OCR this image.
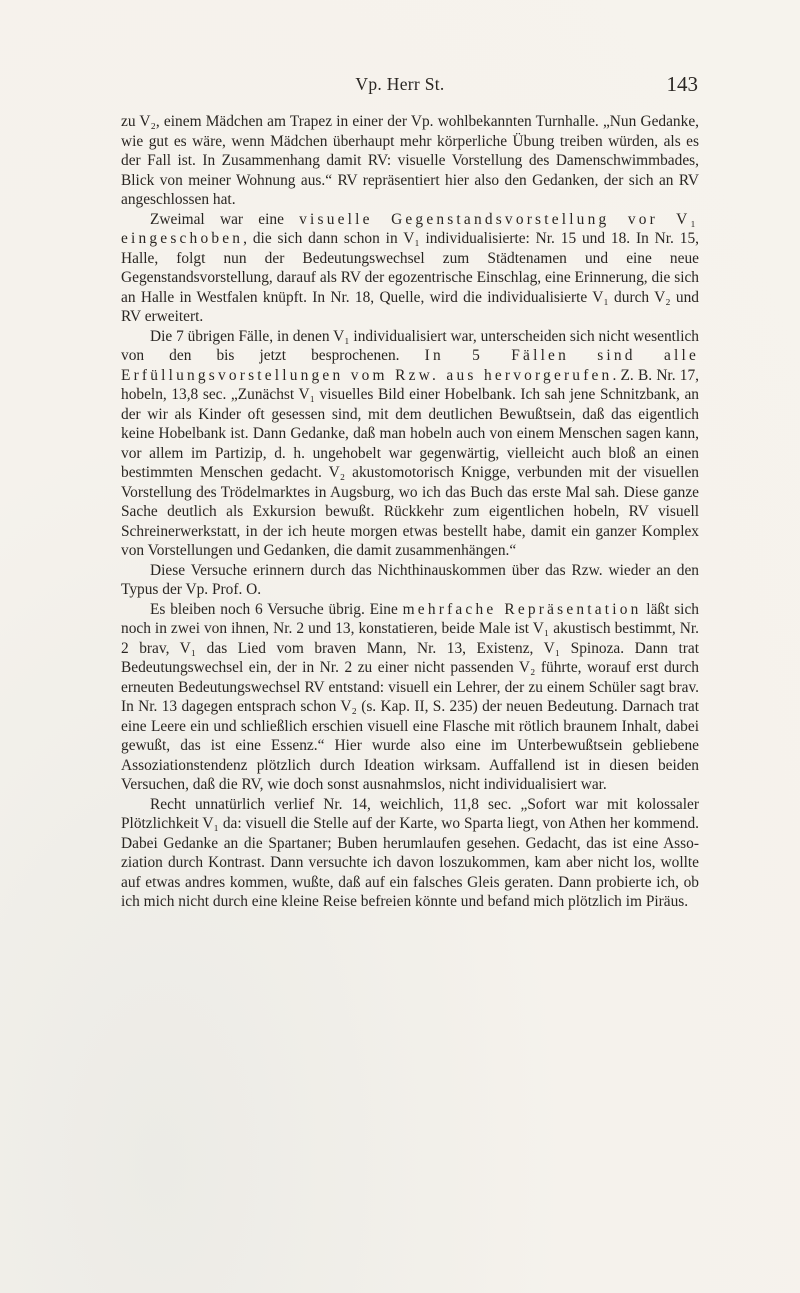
Vp. Herr St.	143

zu V₂, einem Mädchen am Trapez in einer der Vp. wohlbekannten Turnhalle. „Nun Gedanke, wie gut es wäre, wenn Mädchen überhaupt mehr körperliche Übung treiben würden, als es der Fall ist. In Zusammenhang damit RV: visuelle Vorstellung des Damenschwimmbades, Blick von meiner Wohnung aus.“ RV repräsentiert hier also den Gedanken, der sich an RV angeschlossen hat.

Zweimal war eine visuelle Gegenstandsvorstellung vor V₁ eingeschoben, die sich dann schon in V₁ individualisierte: Nr. 15 und 18. In Nr. 15, Halle, folgt nun der Bedeutungswechsel zum Städtenamen und eine neue Gegenstandsvorstellung, darauf als RV der egozentrische Einschlag, eine Erinnerung, die sich an Halle in Westfalen knüpft. In Nr. 18, Quelle, wird die individualisierte V₁ durch V₂ und RV erweitert.

Die 7 übrigen Fälle, in denen V₁ individualisiert war, unterscheiden sich nicht wesentlich von den bis jetzt besprochenen. In 5 Fällen sind alle Erfüllungsvorstellungen vom Rzw. aus hervorgerufen. Z. B. Nr. 17, hobeln, 13,8 sec. „Zunächst V₁ visuelles Bild einer Hobelbank. Ich sah jene Schnitzbank, an der wir als Kinder oft gesessen sind, mit dem deutlichen Bewußtsein, daß das eigentlich keine Hobelbank ist. Dann Gedanke, daß man hobeln auch von einem Menschen sagen kann, vor allem im Partizip, d. h. ungehobelt war gegenwärtig, vielleicht auch bloß an einen bestimmten Menschen gedacht. V₂ akustomotorisch Knigge, verbunden mit der visuellen Vorstellung des Trödelmarktes in Augsburg, wo ich das Buch das erste Mal sah. Diese ganze Sache deutlich als Exkursion bewußt. Rückkehr zum eigentlichen hobeln, RV visuell Schreinerwerkstatt, in der ich heute morgen etwas bestellt habe, damit ein ganzer Komplex von Vorstellungen und Gedanken, die damit zusammenhängen.“

Diese Versuche erinnern durch das Nichthinauskommen über das Rzw. wieder an den Typus der Vp. Prof. O.

Es bleiben noch 6 Versuche übrig. Eine mehrfache Repräsentation läßt sich noch in zwei von ihnen, Nr. 2 und 13, konstatieren, beide Male ist V₁ akustisch bestimmt, Nr. 2 brav, V₁ das Lied vom braven Mann, Nr. 13, Existenz, V₁ Spinoza. Dann trat Bedeutungswechsel ein, der in Nr. 2 zu einer nicht passenden V₂ führte, worauf erst durch erneuten Bedeutungswechsel RV entstand: visuell ein Lehrer, der zu einem Schüler sagt brav. In Nr. 13 dagegen entsprach schon V₂ (s. Kap. II, S. 235) der neuen Bedeutung. Darnach trat eine Leere ein und schließlich erschien visuell eine Flasche mit rötlich braunem Inhalt, dabei gewußt, das ist eine Essenz.“ Hier wurde also eine im Unterbewußtsein gebliebene Assoziationstendenz plötzlich durch Ideation wirksam. Auffallend ist in diesen beiden Versuchen, daß die RV, wie doch sonst ausnahmslos, nicht individualisiert war.

Recht unnatürlich verlief Nr. 14, weichlich, 11,8 sec. „Sofort war mit kolossaler Plötzlichkeit V₁ da: visuell die Stelle auf der Karte, wo Sparta liegt, von Athen her kommend. Dabei Gedanke an die Spartaner; Buben herumlaufen gesehen. Gedacht, das ist eine Assoziation durch Kontrast. Dann versuchte ich davon loszukommen, kam aber nicht los, wollte auf etwas andres kommen, wußte, daß auf ein falsches Gleis geraten. Dann probierte ich, ob ich mich nicht durch eine kleine Reise befreien könnte und befand mich plötzlich im Piräus.
